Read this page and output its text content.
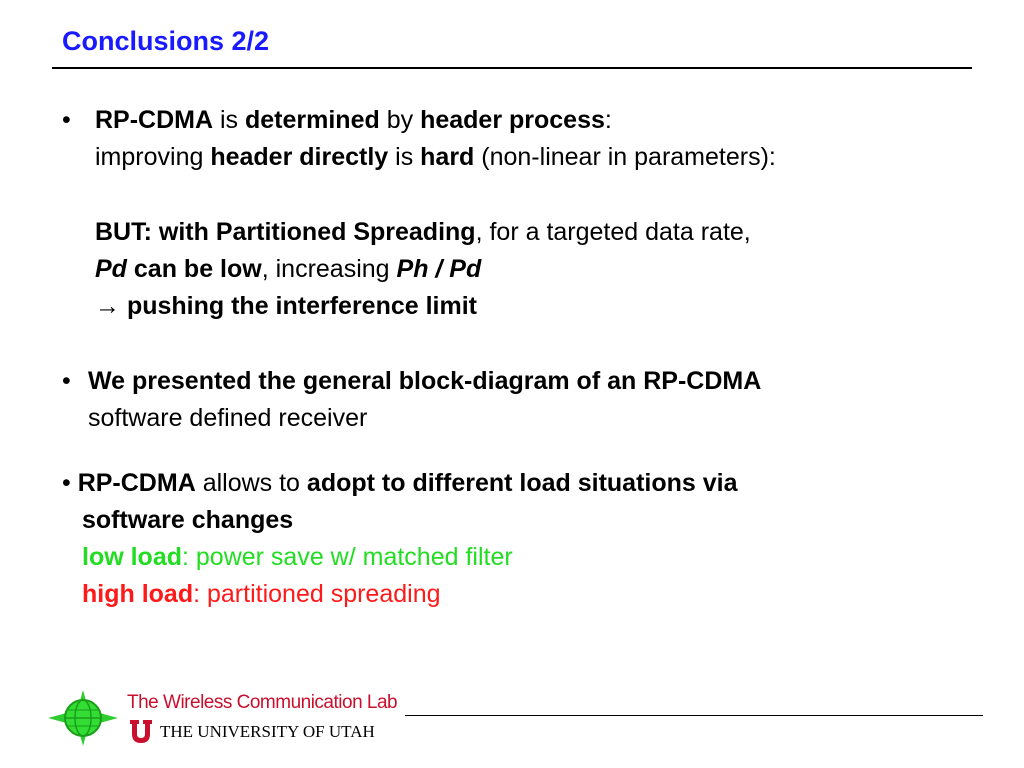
Conclusions 2/2
• RP-CDMA is determined by header process:
improving header directly is hard (non-linear in parameters):
BUT: with Partitioned Spreading, for a targeted data rate,
Pd can be low, increasing Ph / Pd
→ pushing the interference limit
• We presented the general block-diagram of an RP-CDMA
software defined receiver
• RP-CDMA allows to adopt to different load situations via
software changes
low load: power save w/ matched filter
high load: partitioned spreading
The Wireless Communication Lab
THE UNIVERSITY OF UTAH
